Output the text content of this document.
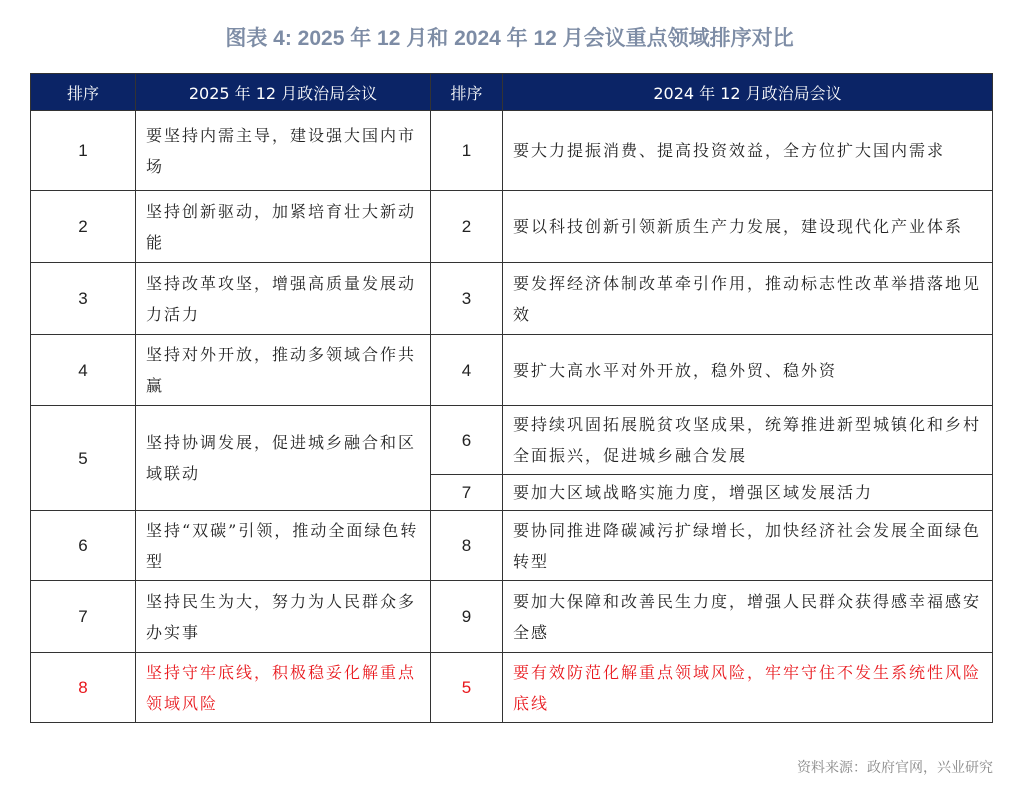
图表 4: 2025 年 12 月和 2024 年 12 月会议重点领域排序对比
排序	2025 年 12 月政治局会议	排序	2024 年 12 月政治局会议
1	要坚持内需主导，建设强大国内市场	1	要大力提振消费、提高投资效益，全方位扩大国内需求
2	坚持创新驱动，加紧培育壮大新动能	2	要以科技创新引领新质生产力发展，建设现代化产业体系
3	坚持改革攻坚，增强高质量发展动力活力	3	要发挥经济体制改革牵引作用，推动标志性改革举措落地见效
4	坚持对外开放，推动多领域合作共赢	4	要扩大高水平对外开放，稳外贸、稳外资
5	坚持协调发展，促进城乡融合和区域联动	6	要持续巩固拓展脱贫攻坚成果，统筹推进新型城镇化和乡村全面振兴，促进城乡融合发展
		7	要加大区域战略实施力度，增强区域发展活力
6	坚持“双碳”引领，推动全面绿色转型	8	要协同推进降碳减污扩绿增长，加快经济社会发展全面绿色转型
7	坚持民生为大，努力为人民群众多办实事	9	要加大保障和改善民生力度，增强人民群众获得感幸福感安全感
8	坚持守牢底线，积极稳妥化解重点领域风险	5	要有效防范化解重点领域风险，牢牢守住不发生系统性风险底线
资料来源：政府官网，兴业研究
